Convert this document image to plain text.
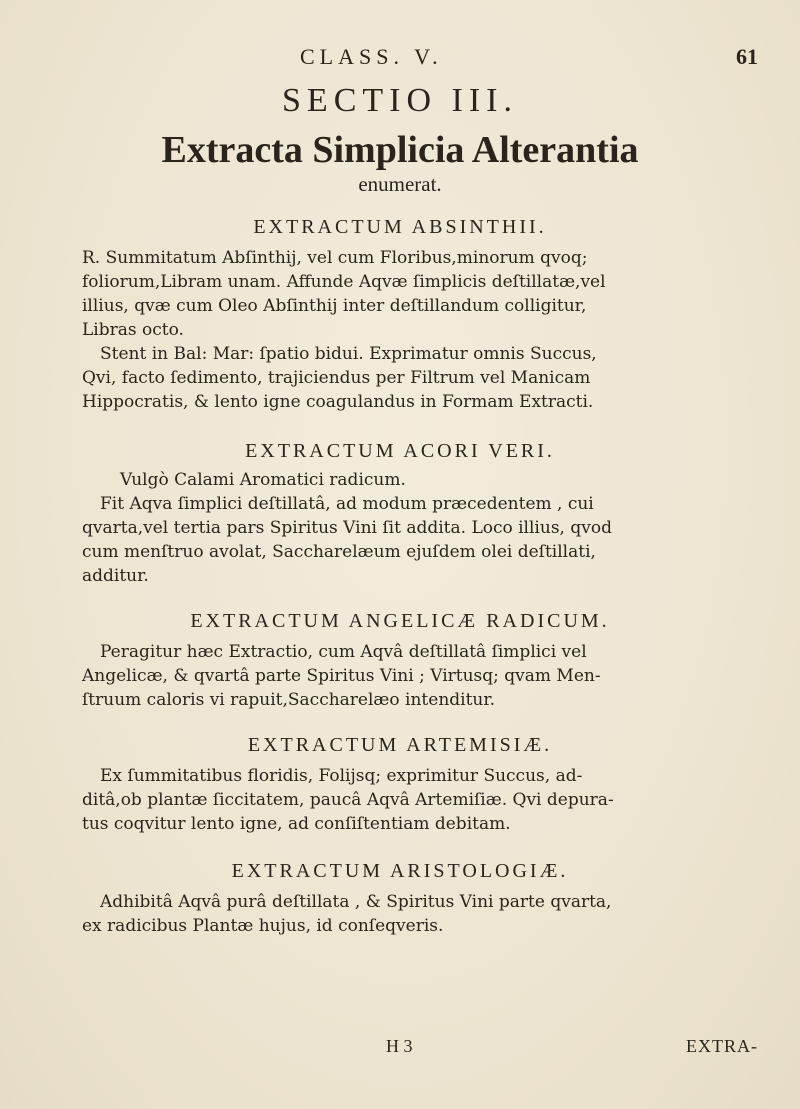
CLASS. V.	61
SECTIO III.
Extracta Simplicia Alterantia
enumerat.
EXTRACTUM ABSINTHII.
R. Summitatum Abſinthij, vel cum Floribus,minorum qvoq;
foliorum,Libram unam. Affunde Aqvæ ſimplicis deſtillatæ,vel
illius, qvæ cum Oleo Abſinthij inter deſtillandum colligitur,
Libras octo.
Stent in Bal: Mar: ſpatio bidui. Exprimatur omnis Succus,
Qvi, facto ſedimento, trajiciendus per Filtrum vel Manicam
Hippocratis, & lento igne coagulandus in Formam Extracti.
EXTRACTUM ACORI VERI.
Vulgò Calami Aromatici radicum.
Fit Aqva ſimplici deſtillatâ, ad modum præcedentem , cui
qvarta,vel tertia pars Spiritus Vini ſit addita. Loco illius, qvod
cum menſtruo avolat, Saccharelæum ejuſdem olei deſtillati,
additur.
EXTRACTUM ANGELICÆ RADICUM.
Peragitur hæc Extractio, cum Aqvâ deſtillatâ ſimplici vel
Angelicæ, & qvartâ parte Spiritus Vini ; Virtusq; qvam Men-
ſtruum caloris vi rapuit,Saccharelæo intenditur.
EXTRACTUM ARTEMISIÆ.
Ex ſummitatibus floridis, Folijsq; exprimitur Succus, ad-
ditâ,ob plantæ ſiccitatem, paucâ Aqvâ Artemiſiæ. Qvi depura-
tus coqvitur lento igne, ad conſiſtentiam debitam.
EXTRACTUM ARISTOLOGIÆ.
Adhibitâ Aqvâ purâ deſtillata , & Spiritus Vini parte qvarta,
ex radicibus Plantæ hujus, id conſeqveris.
H 3	EXTRA-
